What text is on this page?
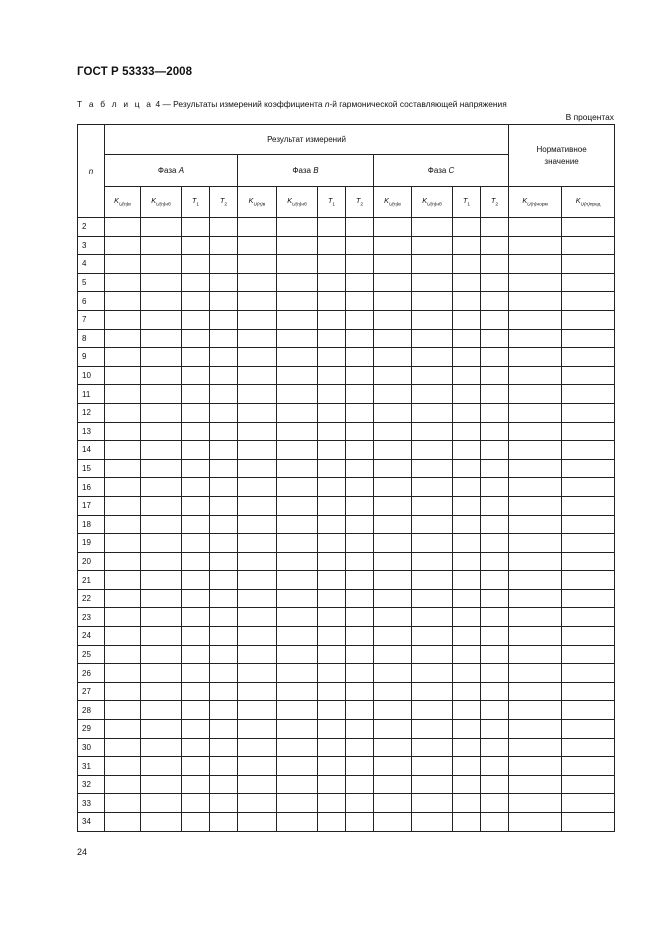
ГОСТ Р 53333—2008
Т а б л и ц а 4 — Результаты измерений коэффициента n-й гармонической составляющей напряжения
В процентах
n	Результат измерений												Нормативное значение	
	Фаза A				Фаза B				Фаза C					
	$K_{U(n)в}$	$K_{U(n)нб}$	$T_1$	$T_2$	$K_{U(n)в}$	$K_{U(n)нб}$	$T_1$	$T_2$	$K_{U(n)в}$	$K_{U(n)нб}$	$T_1$	$T_2$	$K_{U(n)норм}$	$K_{U(n)пред}$
2														
3														
4														
5														
6														
7														
8														
9														
10														
11														
12														
13														
14														
15														
16														
17														
18														
19														
20														
21														
22														
23														
24														
25														
26														
27														
28														
29														
30														
31														
32														
33														
34														
24
